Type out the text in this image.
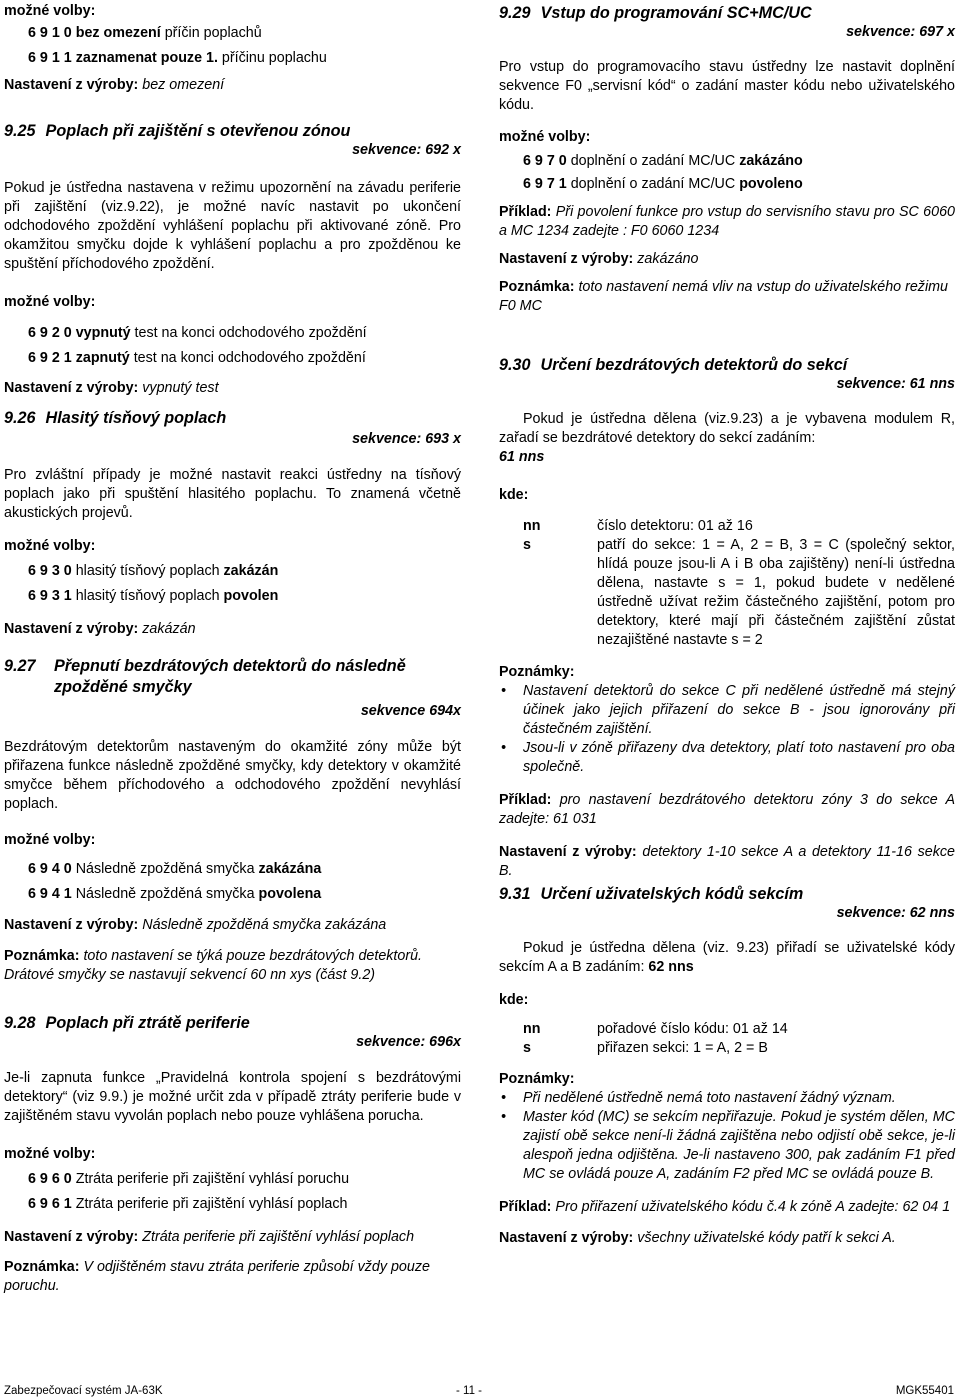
možné volby:

6 9 1 0 bez omezení příčin poplachů

6 9 1 1 zaznamenat pouze 1. příčinu poplachu

Nastavení z výroby: bez omezení

9.25 Poplach při zajištění s otevřenou zónou

sekvence: 692 x

Pokud je ústředna nastavena v režimu upozornění na závadu periferie při zajištění (viz.9.22), je možné navíc nastavit po ukončení odchodového zpoždění vyhlášení poplachu při aktivované zóně. Pro okamžitou smyčku dojde k vyhlášení poplachu a pro zpožděnou ke spuštění příchodového zpoždění.

možné volby:

6 9 2 0 vypnutý test na konci odchodového zpoždění

6 9 2 1 zapnutý test na konci odchodového zpoždění

Nastavení z výroby: vypnutý test

9.26 Hlasitý tísňový poplach

sekvence: 693 x

Pro zvláštní případy je možné nastavit reakci ústředny na tísňový poplach jako při spuštění hlasitého poplachu. To znamená včetně akustických projevů.

možné volby:

6 9 3 0 hlasitý tísňový poplach zakázán

6 9 3 1 hlasitý tísňový poplach povolen

Nastavení z výroby: zakázán

9.27	Přepnutí bezdrátových detektorů do následně zpožděné smyčky

sekvence 694x

Bezdrátovým detektorům nastaveným do okamžité zóny může být přiřazena funkce následně zpožděné smyčky, kdy detektory v okamžité smyčce během příchodového a odchodového zpoždění nevyhlásí poplach.

možné volby:

6 9 4 0 Následně zpožděná smyčka zakázána

6 9 4 1 Následně zpožděná smyčka povolena

Nastavení z výroby: Následně zpožděná smyčka zakázána

Poznámka: toto nastavení se týká pouze bezdrátových detektorů. Drátové smyčky se nastavují sekvencí 60 nn xys (část 9.2)

9.28 Poplach při ztrátě periferie

sekvence: 696x

Je-li zapnuta funkce „Pravidelná kontrola spojení s bezdrátovými detektory“ (viz 9.9.) je možné určit zda v případě ztráty periferie bude v zajištěném stavu vyvolán poplach nebo pouze vyhlášena porucha.

možné volby:

6 9 6 0 Ztráta periferie při zajištění vyhlásí poruchu

6 9 6 1 Ztráta periferie při zajištění vyhlásí poplach

Nastavení z výroby: Ztráta periferie při zajištění vyhlásí poplach

Poznámka: V odjištěném stavu ztráta periferie způsobí vždy pouze poruchu.

9.29 Vstup do programování SC+MC/UC

sekvence: 697 x

Pro vstup do programovacího stavu ústředny lze nastavit doplnění sekvence F0 „servisní kód“ o zadání master kódu nebo uživatelského kódu.

možné volby:

6 9 7 0 doplnění o zadání MC/UC zakázáno

6 9 7 1 doplnění o zadání MC/UC povoleno

Příklad: Při povolení funkce pro vstup do servisního stavu pro SC 6060 a MC 1234 zadejte : F0 6060 1234

Nastavení z výroby: zakázáno

Poznámka: toto nastavení nemá vliv na vstup do uživatelského režimu F0 MC

9.30 Určení bezdrátových detektorů do sekcí

sekvence: 61 nns

Pokud je ústředna dělena (viz.9.23) a je vybavena modulem R, zařadí se bezdrátové detektory do sekcí zadáním:

61 nns

kde:

nn	číslo detektoru: 01 až 16
s	patří do sekce: 1 = A, 2 = B, 3 = C (společný sektor, hlídá pouze jsou-li A i B oba zajištěny) není-li ústředna dělena, nastavte s = 1, pokud budete v nedělené ústředně užívat režim částečného zajištění, potom pro detektory, které mají při částečném zajištění zůstat nezajištěné nastavte s = 2

Poznámky:

• Nastavení detektorů do sekce C při nedělené ústředně má stejný účinek jako jejich přiřazení do sekce B - jsou ignorovány při částečném zajištění.
• Jsou-li v zóně přiřazeny dva detektory, platí toto nastavení pro oba společně.

Příklad: pro nastavení bezdrátového detektoru zóny 3 do sekce A zadejte: 61 031

Nastavení z výroby: detektory 1-10 sekce A a detektory 11-16 sekce B.

9.31 Určení uživatelských kódů sekcím

sekvence: 62 nns

Pokud je ústředna dělena (viz. 9.23) přiřadí se uživatelské kódy sekcím A a B zadáním: 62 nns

kde:

nn	pořadové číslo kódu: 01 až 14
s	přiřazen sekci: 1 = A, 2 = B

Poznámky:

• Při nedělené ústředně nemá toto nastavení žádný význam.
• Master kód (MC) se sekcím nepřiřazuje. Pokud je systém dělen, MC zajistí obě sekce není-li žádná zajištěna nebo odjistí obě sekce, je-li alespoň jedna odjištěna. Je-li nastaveno 300, pak zadáním F1 před MC se ovládá pouze A, zadáním F2 před MC se ovládá pouze B.

Příklad: Pro přiřazení uživatelského kódu č.4 k zóně A zadejte: 62 04 1

Nastavení z výroby: všechny uživatelské kódy patří k sekci A.

Zabezpečovací systém JA-63K	- 11 -	MGK55401
